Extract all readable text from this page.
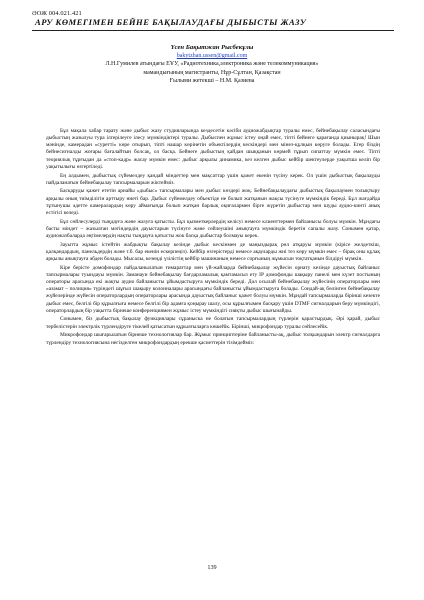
ӘОЖ 004.021.421
АРУ КӨМЕГІМЕН БЕЙНЕ БАҚЫЛАУДАҒЫ ДЫБЫСТЫ ЖАЗУ
Үсен Бақытжан Рысбекұлы
bakytzhan.ussen@gmail.com
Л.Н.Гумилев атындағы ЕҰУ, «Радиотехника,электроника және телекоммуникация»
мамандығының магистранты, Нұр-Сұлтан, Қазақстан
Ғылыми жетекші – Н.М. Қазиева

Бұл мақала хабар тарату және дыбыс жазу студияларында кездесетін кәсіби аудиожабдықтар туралы емес, бейнебақылау саласындағы дыбыстың жазылуы тура ілгерілеуге ілесу мүмкіндіктері туралы. Дыбыспен жұмыс істеу оңай емес, тіпті бейнеге қарағанда қиынырақ! Шын мәнінде, камерадан «суретті» көре отырып, тіпті нашар көрінетін объектілердің кескіндері мен мінез-құлқын көруге болады. Егер біздің бейнесигналды жоғары бағалайтын болсақ, ол басқа. Бейнеге дыбыстың қайдан шыққанын көрмей тұрып сипаттау мүмкін емес. Тіпті теориялық тұрғыдан да «стоп-кадр» жасау мүмкін емес: дыбыс арқылы динамика, кез келген дыбыс кейбір шектеулерде уақытша келіп бір уақытылығы өзгертіледі.

Ең алдымен, дыбыстық сүйемелдеу қандай міндеттер мен мақсаттар үшін қажет екенін түсіну керек. Ол үшін дыбыстық бақылауды пайдаланатын бейнебақылау тапсырмаларын жіктейміз.

Басқаруды қажет ететін арнайы «дыбыс» тапсырмалары мен дыбыс көздері жоқ. Бейнебақылаудағы дыбыстық бақылаумен толықтыру арқылы оның тиімділігін арттыру ниеті бар. Дыбыс сүйемелдеу объектіде не болып жатқанын жақсы түсінуге мүмкіндік береді. Бұл жағдайда тұтынушы әдетте камералардың көру аймағында болып жатқан барлық оқиғалармен бірге жүретін дыбыстар мен шуды аудио-кинті анық естігісі келеді.

Бұл сөйлесулерді тыңдауға және жазуға қатысты. Бұл қызметкерлердің келісуі немесе клиенттермен байланысы болуы мүмкін. Мұндағы басты міндет – жазылған мәтіндердің дауыстарын түсінуге және сөйлеушіні анықтауға мүмкіндік беретін сапалы жазу. Сонымен қатар, аудиожазбаларда әңгімелердің нақты тыңдауға қатысты жок басқа дыбыстар болмауы керек.

Зауытта жұмыс істейтін жабдықты бақылау кезінде дыбыс кескінмен де маңыздырақ рөл атқаруы мүмкін (кірісе желдеткіш, қалқандардың, панельдердің және т.б. бар екенін ескерпеңіз). Кейбір өзгерістерді немесе ақауларды жиі тез көру мүмкін емес – бірақ оны құлақ арқылы анықтауға әбден болады. Мысалы, кезеңді үзілістің кейбір машинаның немесе сорғының жұмысын тоқтатқанын білдіруі мүмкін.

Кіре берісте домофондар пайдаланылатын ғимараттар мен үй-жайларда бейнебақылау жүйесін орнату кезінде дауыстық байланыс тапсырмалары туындауы мүмкін. Заманауи бейнебақылау бағдарламалық қамтамасыз ету IP домофонды шақыру панелі мен күзет постының операторы арасында екі жақты аудио байланысты ұйымдастыруға мүмкіндік береді. Дәл осылай бейнебақылау жүйесінің операторлары мен «азамат – полиция» түріндегі шұғыл шақыру колонналары арасындағы байланысты ұйымдастыруға болады. Сондай-ақ бөлінген бейнебақылау жүйелерінде жүйесін операторлардың операторлары арасында дауыстық байланыс қажет болуы мүмкін. Мұндай тапсырмаларда бірінші кезекте дыбыс емес, белгілі бір құрылғыға немесе белгілі бір адамға қоңырау шалу, осы құрылғымен басқару үшін DTMF сигналдарын беру мүмкіндігі, операторлардың бір уақытта бірнеше конференциямен жұмыс істеу мүмкіндігі сияқты дыбыс шығынайды.

Сонымен, біз дыбыстық бақылау функциялары сұраныска не болатын тапсырмалардың түрлерін қарастырдық. Әрі қарай, дыбыс тербелістерін электрлік түрлендіруге тікелей қатысатын құрылғыларға көшейік. Бірінші, микрофондар туралы сөйлесейік.

Микрофондар шығарылатын бірнеше технологиялар бар. Жұмыс принциптеріне байланысты-ақ, дыбыс толқындарын электр сигналдарға түрлендіру технологиясына негізделген микрофондардың ерекше қасиеттерін тізімдейміз:

139
